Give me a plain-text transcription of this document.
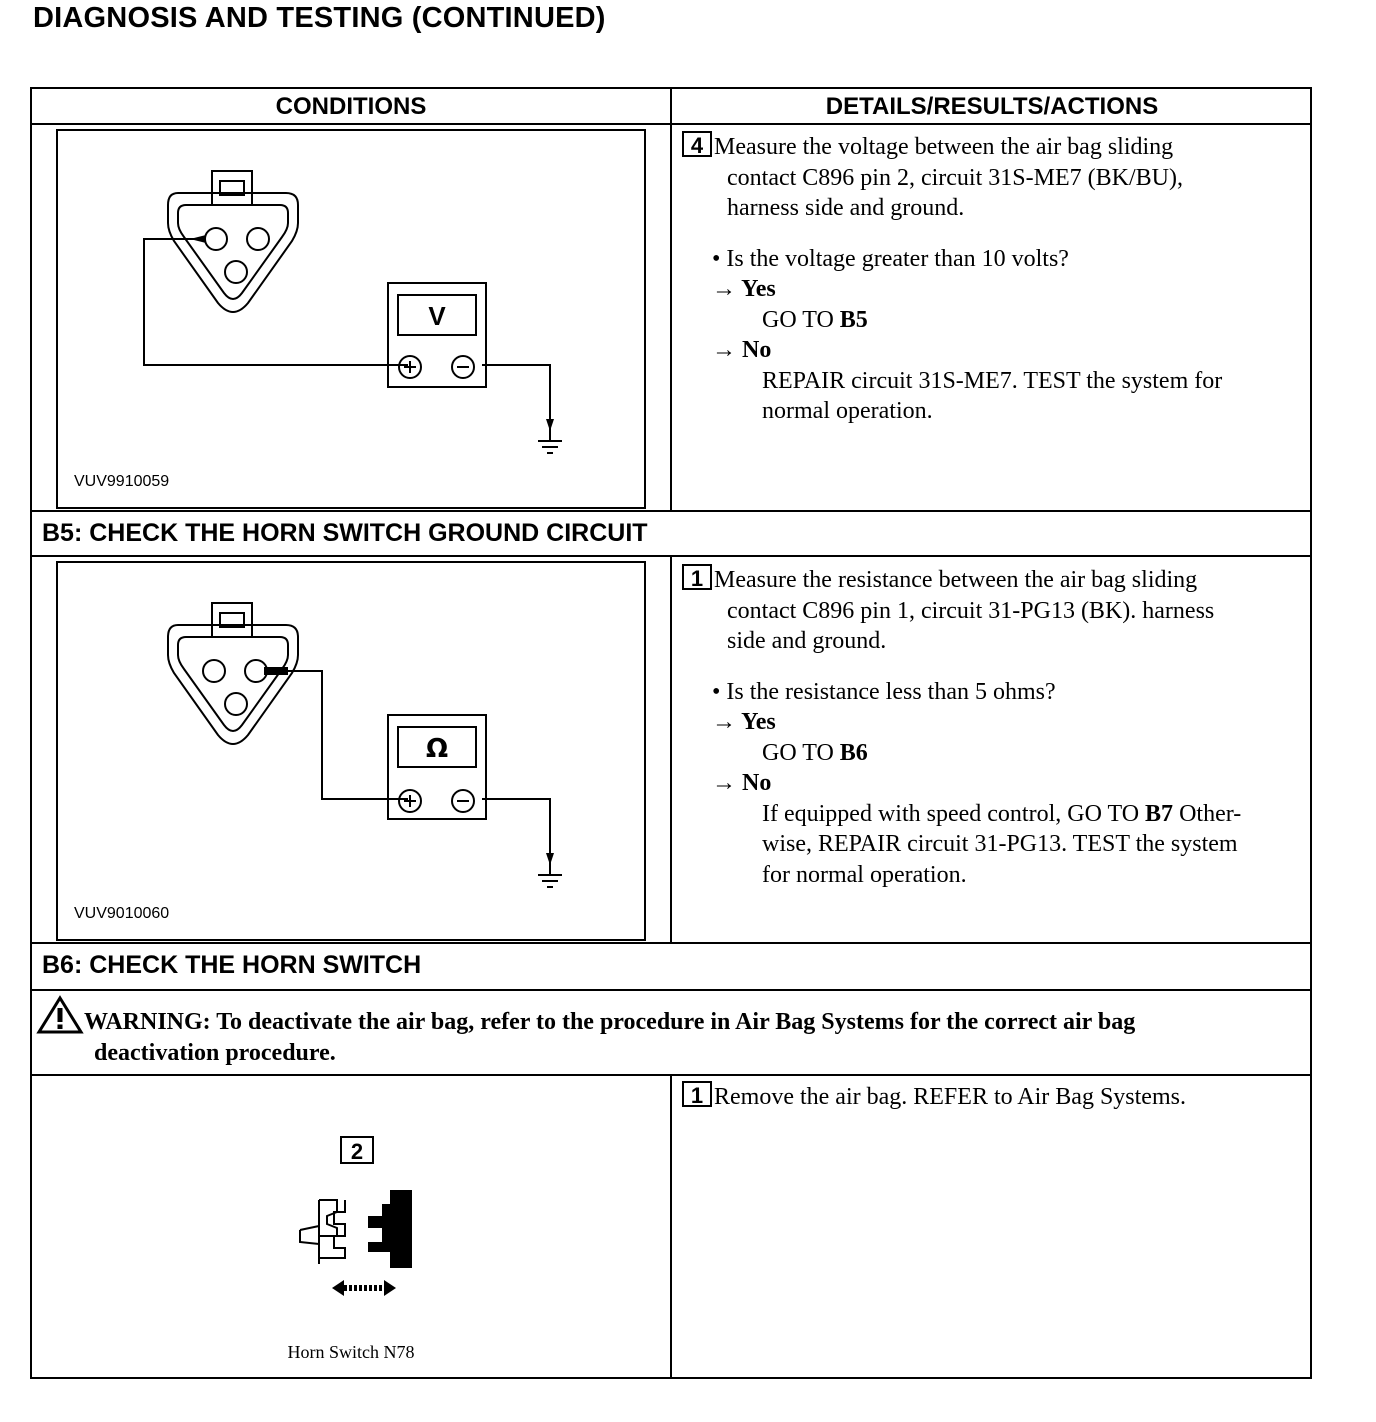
DIAGNOSIS AND TESTING (CONTINUED)
CONDITIONS	DETAILS/RESULTS/ACTIONS
V
VUV9910059
4 Measure the voltage between the air bag sliding
contact C896 pin 2, circuit 31S-ME7 (BK/BU),
harness side and ground.
• Is the voltage greater than 10 volts?
→ Yes
GO TO B5
→ No
REPAIR circuit 31S-ME7. TEST the system for
normal operation.
B5: CHECK THE HORN SWITCH GROUND CIRCUIT
Ω
VUV9010060
1 Measure the resistance between the air bag sliding
contact C896 pin 1, circuit 31-PG13 (BK). harness
side and ground.
• Is the resistance less than 5 ohms?
→ Yes
GO TO B6
→ No
If equipped with speed control, GO TO B7 Other-
wise, REPAIR circuit 31-PG13. TEST the system
for normal operation.
B6: CHECK THE HORN SWITCH
WARNING: To deactivate the air bag, refer to the procedure in Air Bag Systems for the correct air bag
deactivation procedure.
2
Horn Switch N78
1 Remove the air bag. REFER to Air Bag Systems.
